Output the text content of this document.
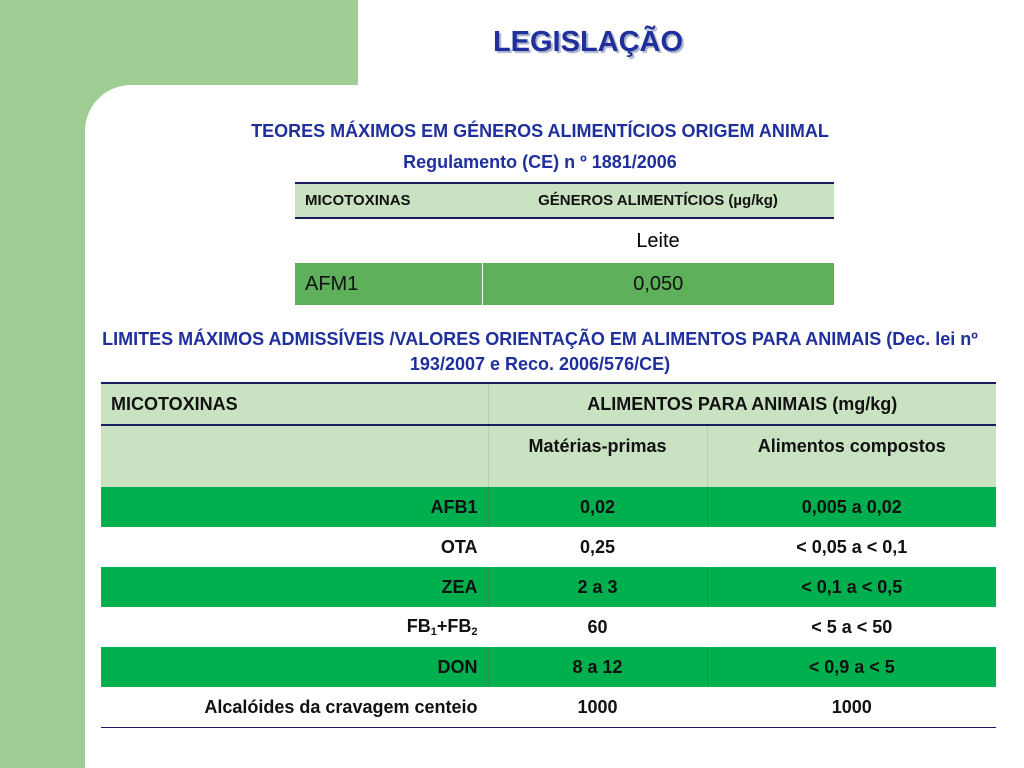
LEGISLAÇÃO
TEORES MÁXIMOS EM GÉNEROS ALIMENTÍCIOS ORIGEM ANIMAL
Regulamento (CE) n º 1881/2006
MICOTOXINAS	GÉNEROS ALIMENTÍCIOS (µg/kg)
	Leite
AFM1	0,050
LIMITES MÁXIMOS ADMISSÍVEIS /VALORES ORIENTAÇÃO EM ALIMENTOS PARA ANIMAIS (Dec. lei nº 193/2007 e Reco. 2006/576/CE)
MICOTOXINAS	ALIMENTOS PARA ANIMAIS (mg/kg)	
	Matérias-primas	Alimentos compostos
AFB1	0,02	0,005 a 0,02
OTA	0,25	< 0,05 a < 0,1
ZEA	2 a 3	< 0,1 a < 0,5
$FB_1+FB_2$	60	< 5 a < 50
DON	8 a 12	< 0,9 a < 5
Alcalóides da cravagem centeio	1000	1000
